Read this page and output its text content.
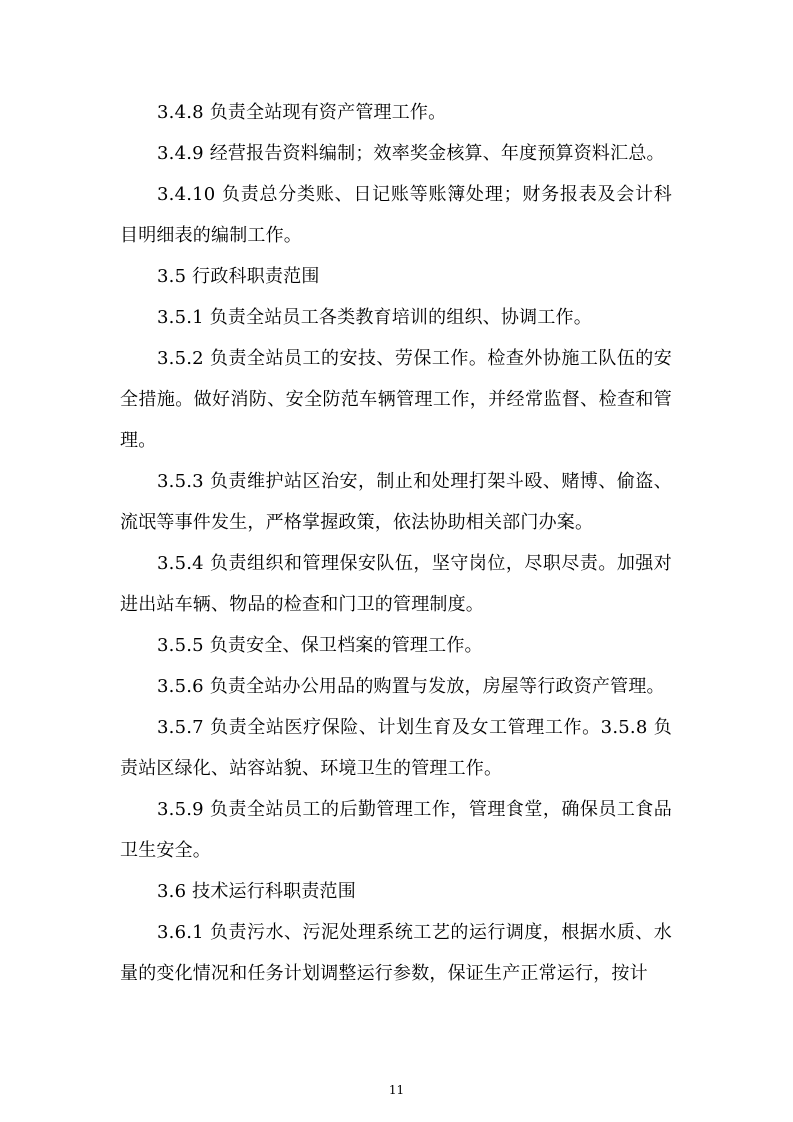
3.4.8 负责全站现有资产管理工作。

3.4.9 经营报告资料编制；效率奖金核算、年度预算资料汇总。

3.4.10 负责总分类账、日记账等账簿处理；财务报表及会计科目明细表的编制工作。

3.5 行政科职责范围

3.5.1 负责全站员工各类教育培训的组织、协调工作。

3.5.2 负责全站员工的安技、劳保工作。检查外协施工队伍的安全措施。做好消防、安全防范车辆管理工作，并经常监督、检查和管理。

3.5.3 负责维护站区治安，制止和处理打架斗殴、赌博、偷盗、流氓等事件发生，严格掌握政策，依法协助相关部门办案。

3.5.4 负责组织和管理保安队伍，坚守岗位，尽职尽责。加强对进出站车辆、物品的检查和门卫的管理制度。

3.5.5 负责安全、保卫档案的管理工作。

3.5.6 负责全站办公用品的购置与发放，房屋等行政资产管理。

3.5.7 负责全站医疗保险、计划生育及女工管理工作。3.5.8 负责站区绿化、站容站貌、环境卫生的管理工作。

3.5.9 负责全站员工的后勤管理工作，管理食堂，确保员工食品卫生安全。

3.6 技术运行科职责范围

3.6.1 负责污水、污泥处理系统工艺的运行调度，根据水质、水量的变化情况和任务计划调整运行参数，保证生产正常运行，按计

11
